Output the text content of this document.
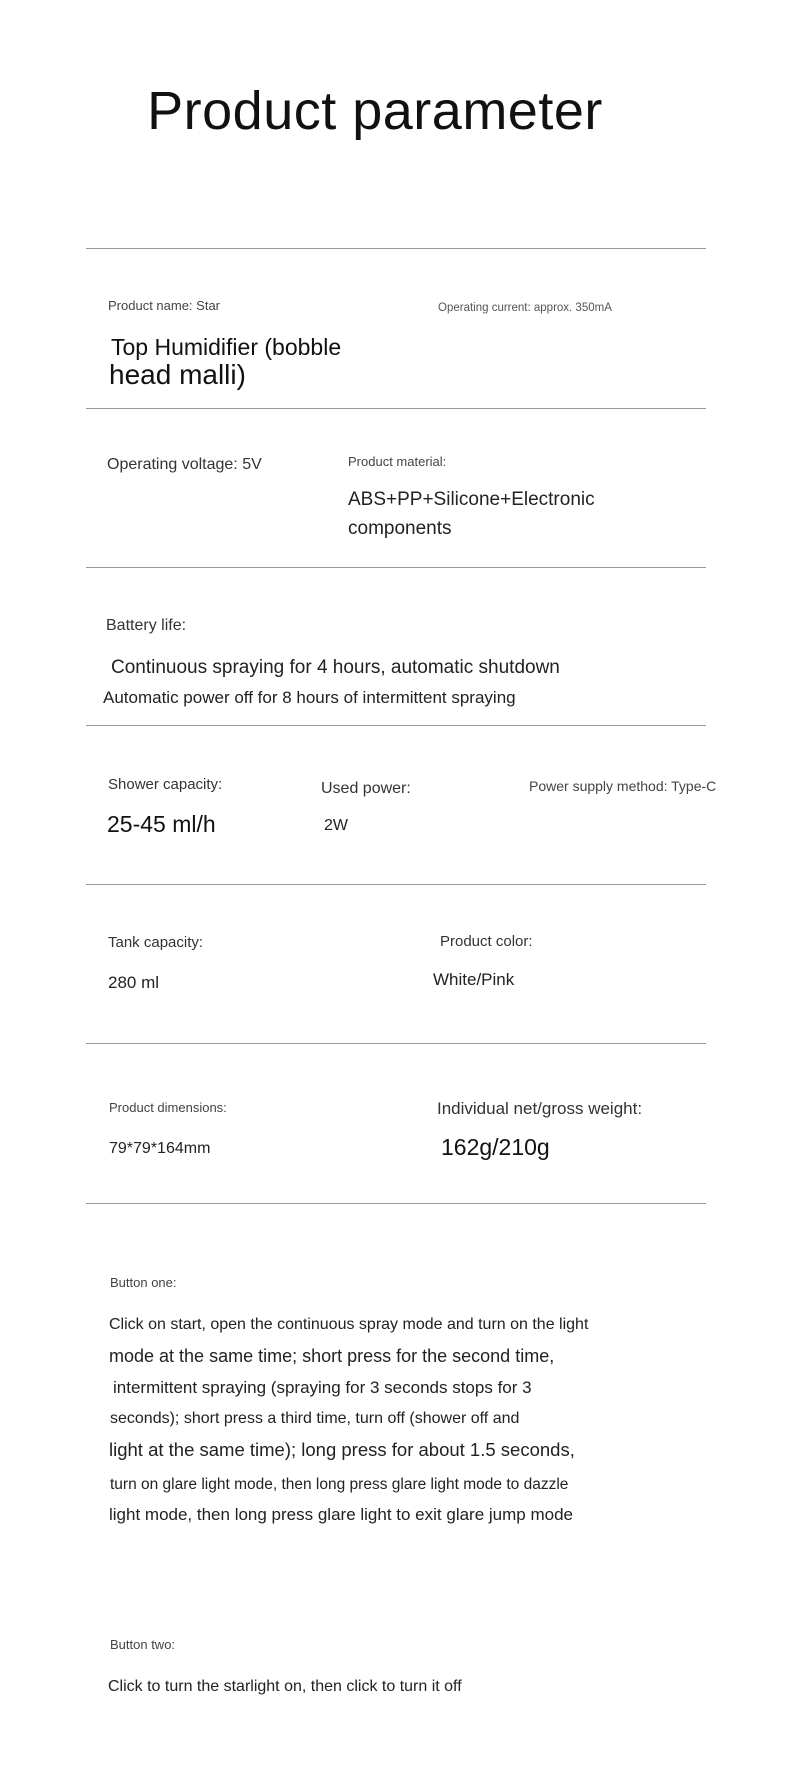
Product parameter
Product name: Star
Top Humidifier (bobble
head malli)
Operating current: approx. 350mA
Operating voltage: 5V	Product material:
ABS+PP+Silicone+Electronic
components
Battery life:
Continuous spraying for 4 hours, automatic shutdown
Automatic power off for 8 hours of intermittent spraying
Shower capacity:
25-45 ml/h
Used power:
2W
Power supply method: Type-C
Tank capacity:
280 ml
Product color:
White/Pink
Product dimensions:
79*79*164mm
Individual net/gross weight:
162g/210g
Button one:
Click on start, open the continuous spray mode and turn on the light
mode at the same time; short press for the second time,
intermittent spraying (spraying for 3 seconds stops for 3
seconds); short press a third time, turn off (shower off and
light at the same time); long press for about 1.5 seconds,
turn on glare light mode, then long press glare light mode to dazzle
light mode, then long press glare light to exit glare jump mode
Button two:
Click to turn the starlight on, then click to turn it off
